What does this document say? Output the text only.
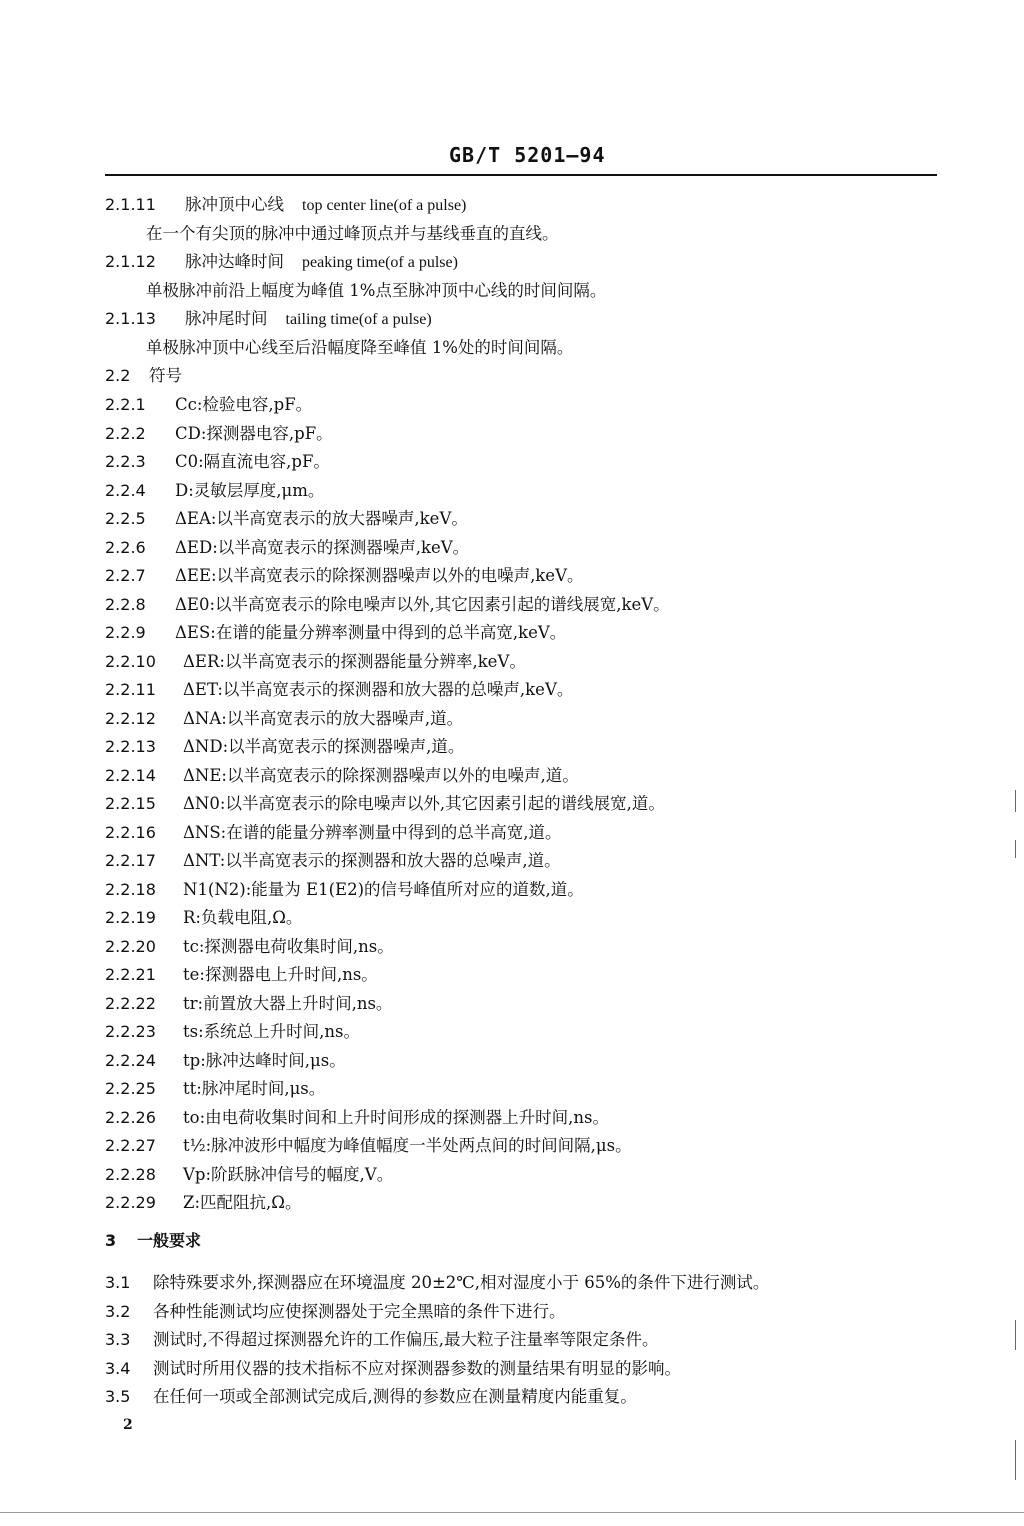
GB/T 5201—94
2.1.11 脉冲顶中心线 top center line(of a pulse)
在一个有尖顶的脉冲中通过峰顶点并与基线垂直的直线。
2.1.12 脉冲达峰时间 peaking time(of a pulse)
单极脉冲前沿上幅度为峰值 1%点至脉冲顶中心线的时间间隔。
2.1.13 脉冲尾时间 tailing time(of a pulse)
单极脉冲顶中心线至后沿幅度降至峰值 1%处的时间间隔。
2.2 符号
2.2.1 Cc:检验电容,pF。
2.2.2 CD:探测器电容,pF。
2.2.3 C0:隔直流电容,pF。
2.2.4 D:灵敏层厚度,μm。
2.2.5 ΔEA:以半高宽表示的放大器噪声,keV。
2.2.6 ΔED:以半高宽表示的探测器噪声,keV。
2.2.7 ΔEE:以半高宽表示的除探测器噪声以外的电噪声,keV。
2.2.8 ΔE0:以半高宽表示的除电噪声以外,其它因素引起的谱线展宽,keV。
2.2.9 ΔES:在谱的能量分辨率测量中得到的总半高宽,keV。
2.2.10 ΔER:以半高宽表示的探测器能量分辨率,keV。
2.2.11 ΔET:以半高宽表示的探测器和放大器的总噪声,keV。
2.2.12 ΔNA:以半高宽表示的放大器噪声,道。
2.2.13 ΔND:以半高宽表示的探测器噪声,道。
2.2.14 ΔNE:以半高宽表示的除探测器噪声以外的电噪声,道。
2.2.15 ΔN0:以半高宽表示的除电噪声以外,其它因素引起的谱线展宽,道。
2.2.16 ΔNS:在谱的能量分辨率测量中得到的总半高宽,道。
2.2.17 ΔNT:以半高宽表示的探测器和放大器的总噪声,道。
2.2.18 N1(N2):能量为 E1(E2)的信号峰值所对应的道数,道。
2.2.19 R:负载电阻,Ω。
2.2.20 tc:探测器电荷收集时间,ns。
2.2.21 te:探测器电上升时间,ns。
2.2.22 tr:前置放大器上升时间,ns。
2.2.23 ts:系统总上升时间,ns。
2.2.24 tp:脉冲达峰时间,μs。
2.2.25 tt:脉冲尾时间,μs。
2.2.26 to:由电荷收集时间和上升时间形成的探测器上升时间,ns。
2.2.27 t½:脉冲波形中幅度为峰值幅度一半处两点间的时间间隔,μs。
2.2.28 Vp:阶跃脉冲信号的幅度,V。
2.2.29 Z:匹配阻抗,Ω。
3 一般要求
3.1 除特殊要求外,探测器应在环境温度 20±2℃,相对湿度小于 65%的条件下进行测试。
3.2 各种性能测试均应使探测器处于完全黑暗的条件下进行。
3.3 测试时,不得超过探测器允许的工作偏压,最大粒子注量率等限定条件。
3.4 测试时所用仪器的技术指标不应对探测器参数的测量结果有明显的影响。
3.5 在任何一项或全部测试完成后,测得的参数应在测量精度内能重复。
2
